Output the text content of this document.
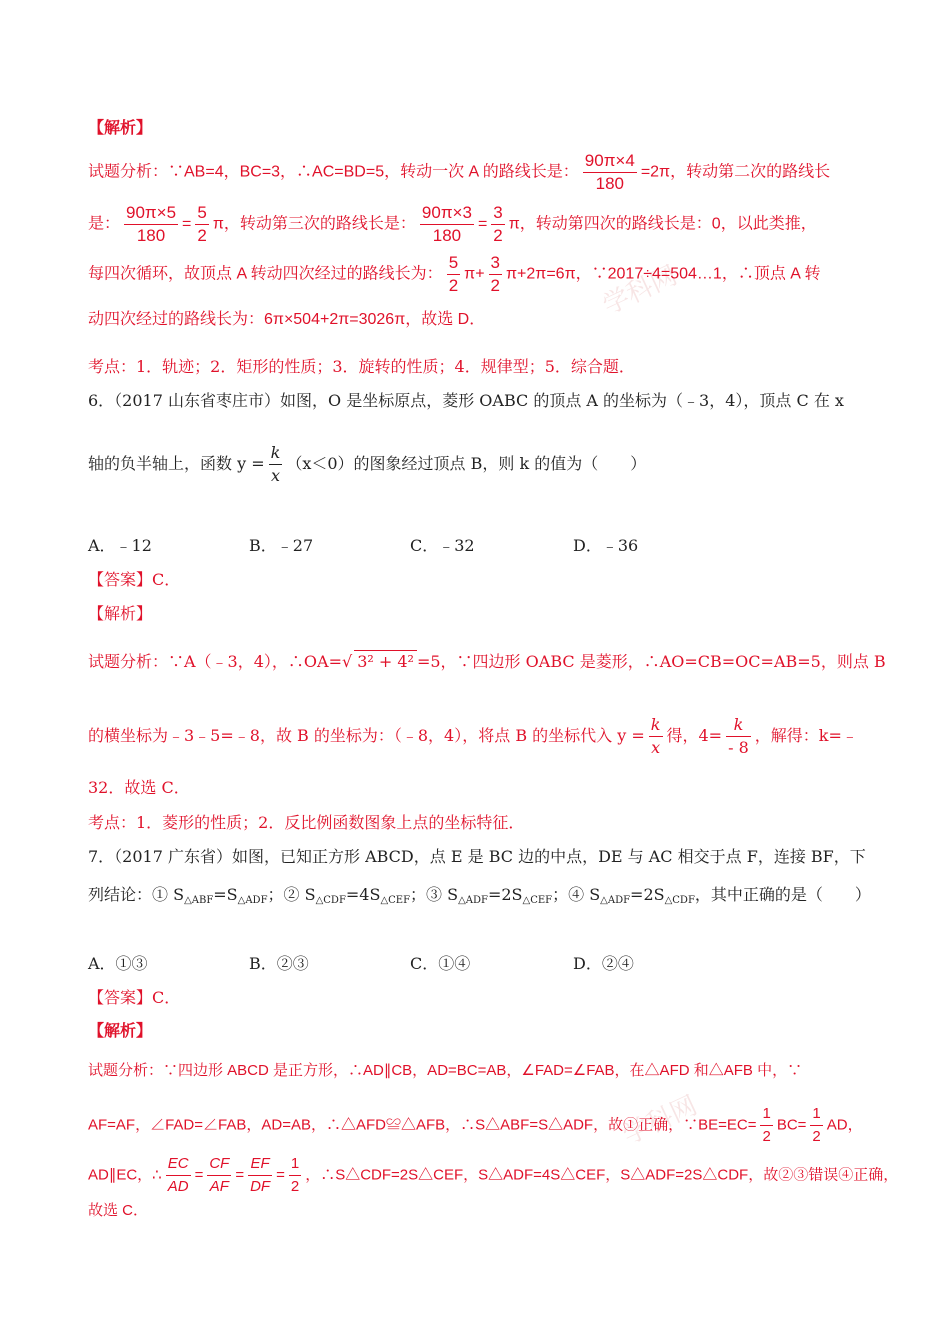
学科网
学科网
【解析】
试题分析：∵AB=4，BC=3，∴AC=BD=5，转动一次 A 的路线长是： $\frac{90\pi\times 4}{180} =2\pi$，转动第二次的路线长
是： $\frac{90\pi\times 5}{180} = \frac{5}{2}$ π，转动第三次的路线长是： $\frac{90\pi\times 3}{180} = \frac{3}{2}$ π，转动第四次的路线长是：0，以此类推，
每四次循环，故顶点 A 转动四次经过的路线长为： $\frac{5}{2} \pi+ \frac{3}{2} \pi+2\pi=6\pi$，∵2017÷4=504…1，∴顶点 A 转
动四次经过的路线长为：6π×504+2π=3026π，故选 D．
考点：1．轨迹；2．矩形的性质；3．旋转的性质；4．规律型；5．综合题．
6．（2017 山东省枣庄市）如图，O 是坐标原点，菱形 OABC 的顶点 A 的坐标为（﹣3，4），顶点 C 在 x
轴的负半轴上，函数 $y = \frac{k}{x} (x<0)$的图象经过顶点 B，则 k 的值为（　　）
A．﹣12	B．﹣27	C．﹣32	D．﹣36
【答案】C．
【解析】
试题分析：∵A（﹣3，4），∴OA=√ 3² + 4² =5，∵四边形 OABC 是菱形，∴AO=CB=OC=AB=5，则点 B
的横坐标为﹣3﹣5=﹣8，故 B 的坐标为：（﹣8，4），将点 B 的坐标代入 $y = \frac{k}{x}$ 得，$4= \frac{k}{- 8}$ ，解得：k=﹣
32．故选 C．
考点：1．菱形的性质；2．反比例函数图象上点的坐标特征．
7．（2017 广东省）如图，已知正方形 ABCD，点 E 是 BC 边的中点，DE 与 AC 相交于点 F，连接 BF，下
列结论：① $S_{\triangle ABF}=S_{\triangle ADF}$；② $S_{\triangle CDF}=4S_{\triangle CEF}$；③ $S_{\triangle ADF}=2S_{\triangle CEF}$；④ $S_{\triangle ADF}=2S_{\triangle CDF}$，其中正确的是（　　）
A．①③	B．②③	C．①④	D．②④
【答案】C．
【解析】
试题分析：∵四边形 ABCD 是正方形，∴AD∥CB，AD=BC=AB，∠FAD=∠FAB，在△AFD 和△AFB 中，∵
AF=AF，∠FAD=∠FAB，AD=AB，∴△AFD≌△AFB，∴S△ABF=S△ADF，故①正确，∵BE=EC= $\frac{1}{2} BC= \frac{1}{2}$ AD，
AD∥EC，∴ $\frac{EC}{AD} = \frac{CF}{AF} = \frac{EF}{DF} = \frac{1}{2}$ ，∴S△CDF=2S△CEF，S△ADF=4S△CEF，S△ADF=2S△CDF，故②③错误④正确，
故选 C．
